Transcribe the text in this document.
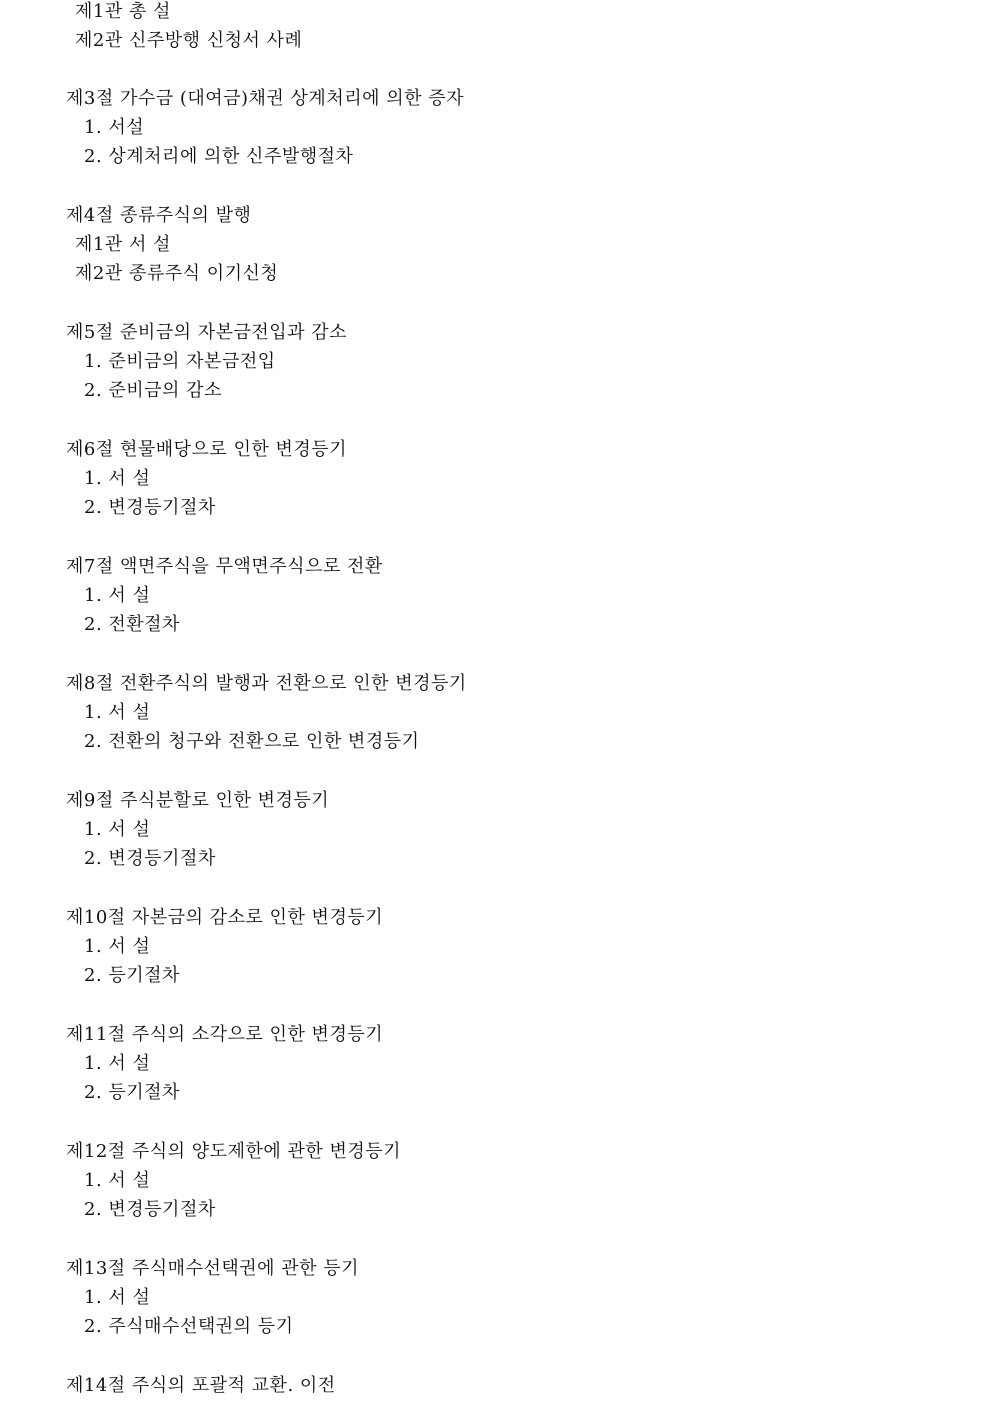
제1관 총 설
제2관 신주방행 신청서 사례
제3절 가수금 (대여금)채권 상계처리에 의한 증자
1. 서설
2. 상계처리에 의한 신주발행절차
제4절 종류주식의 발행
제1관 서 설
제2관 종류주식 이기신청
제5절 준비금의 자본금전입과 감소
1. 준비금의 자본금전입
2. 준비금의 감소
제6절 현물배당으로 인한 변경등기
1. 서 설
2. 변경등기절차
제7절 액면주식을 무액면주식으로 전환
1. 서 설
2. 전환절차
제8절 전환주식의 발행과 전환으로 인한 변경등기
1. 서 설
2. 전환의 청구와 전환으로 인한 변경등기
제9절 주식분할로 인한 변경등기
1. 서 설
2. 변경등기절차
제10절 자본금의 감소로 인한 변경등기
1. 서 설
2. 등기절차
제11절 주식의 소각으로 인한 변경등기
1. 서 설
2. 등기절차
제12절 주식의 양도제한에 관한 변경등기
1. 서 설
2. 변경등기절차
제13절 주식매수선택권에 관한 등기
1. 서 설
2. 주식매수선택권의 등기
제14절 주식의 포괄적 교환. 이전
